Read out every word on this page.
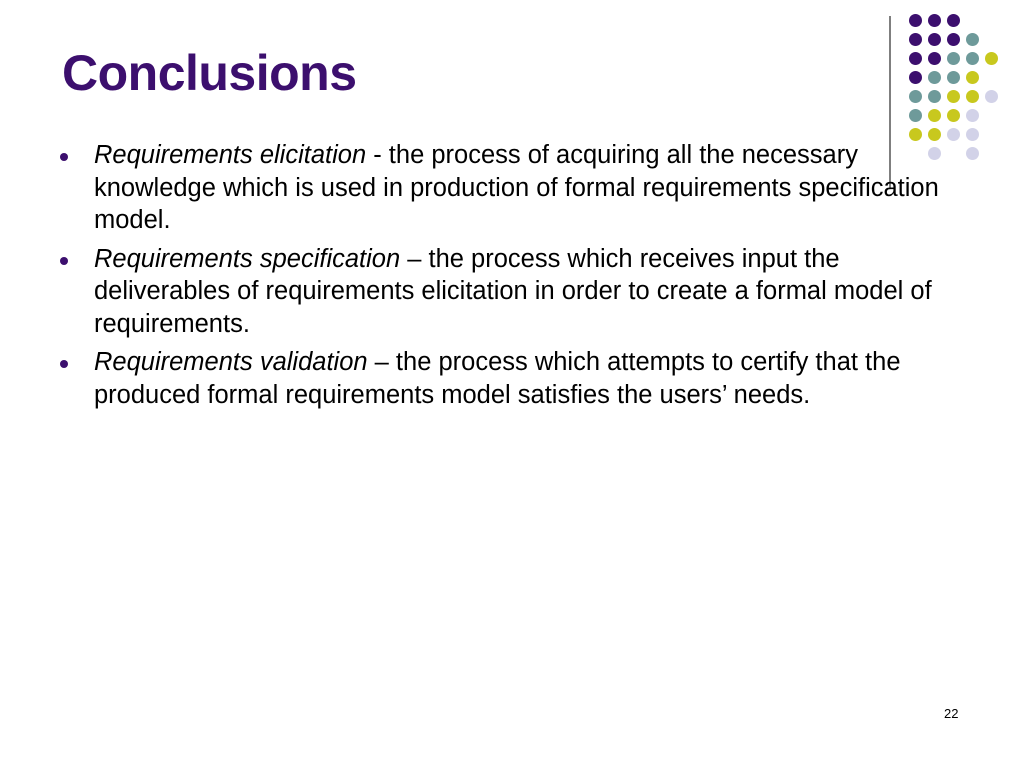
Conclusions
Requirements elicitation - the process of acquiring all the necessary knowledge which is used in production of formal requirements specification model.
Requirements specification – the process which receives input the deliverables of requirements elicitation in order to create a formal model of requirements.
Requirements validation – the process which attempts to certify that the produced formal requirements model satisfies the users’ needs.
22
